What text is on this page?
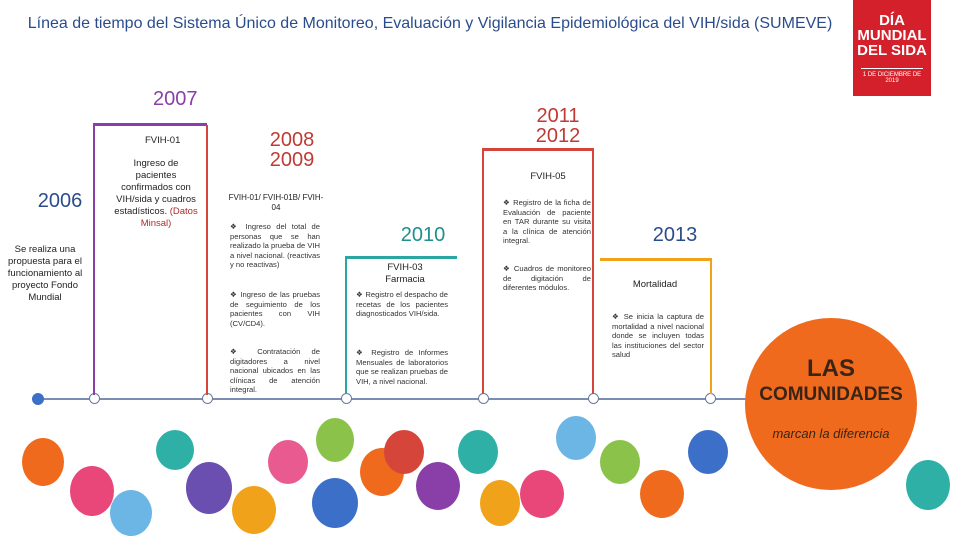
Línea de tiempo del Sistema Único de Monitoreo, Evaluación y Vigilancia Epidemiológica del VIH/sida (SUMEVE)	DÍA
MUNDIAL
DEL SIDA
1 DE DICIEMBRE DE 2019
2006
Se realiza una propuesta para el funcionamiento al proyecto Fondo Mundial
2007
FVIH-01
Ingreso de pacientes confirmados con VIH/sida y cuadros estadísticos. (Datos Minsal)
2008
2009
FVIH-01/ FVIH-01B/ FVIH-04
❖ Ingreso del total de personas que se han realizado la prueba de VIH a nivel nacional. (reactivas y no reactivas)
❖ Ingreso de las pruebas de seguimiento de los pacientes con VIH (CV/CD4).
❖ Contratación de digitadores a nivel nacional ubicados en las clínicas de atención integral.
2010
FVIH-03
Farmacia
❖ Registro el despacho de recetas de los pacientes diagnosticados VIH/sida.
❖ Registro de Informes Mensuales de laboratorios que se realizan pruebas de VIH, a nivel nacional.
2011
2012
FVIH-05
❖ Registro de la ficha de Evaluación de paciente en TAR durante su visita a la clínica de atención integral.
❖ Cuadros de monitoreo de digitación de diferentes módulos.
2013
Mortalidad
❖ Se inicia la captura de mortalidad a nivel nacional donde se incluyen todas las instituciones del sector salud
LAS
COMUNIDADES
marcan la diferencia
